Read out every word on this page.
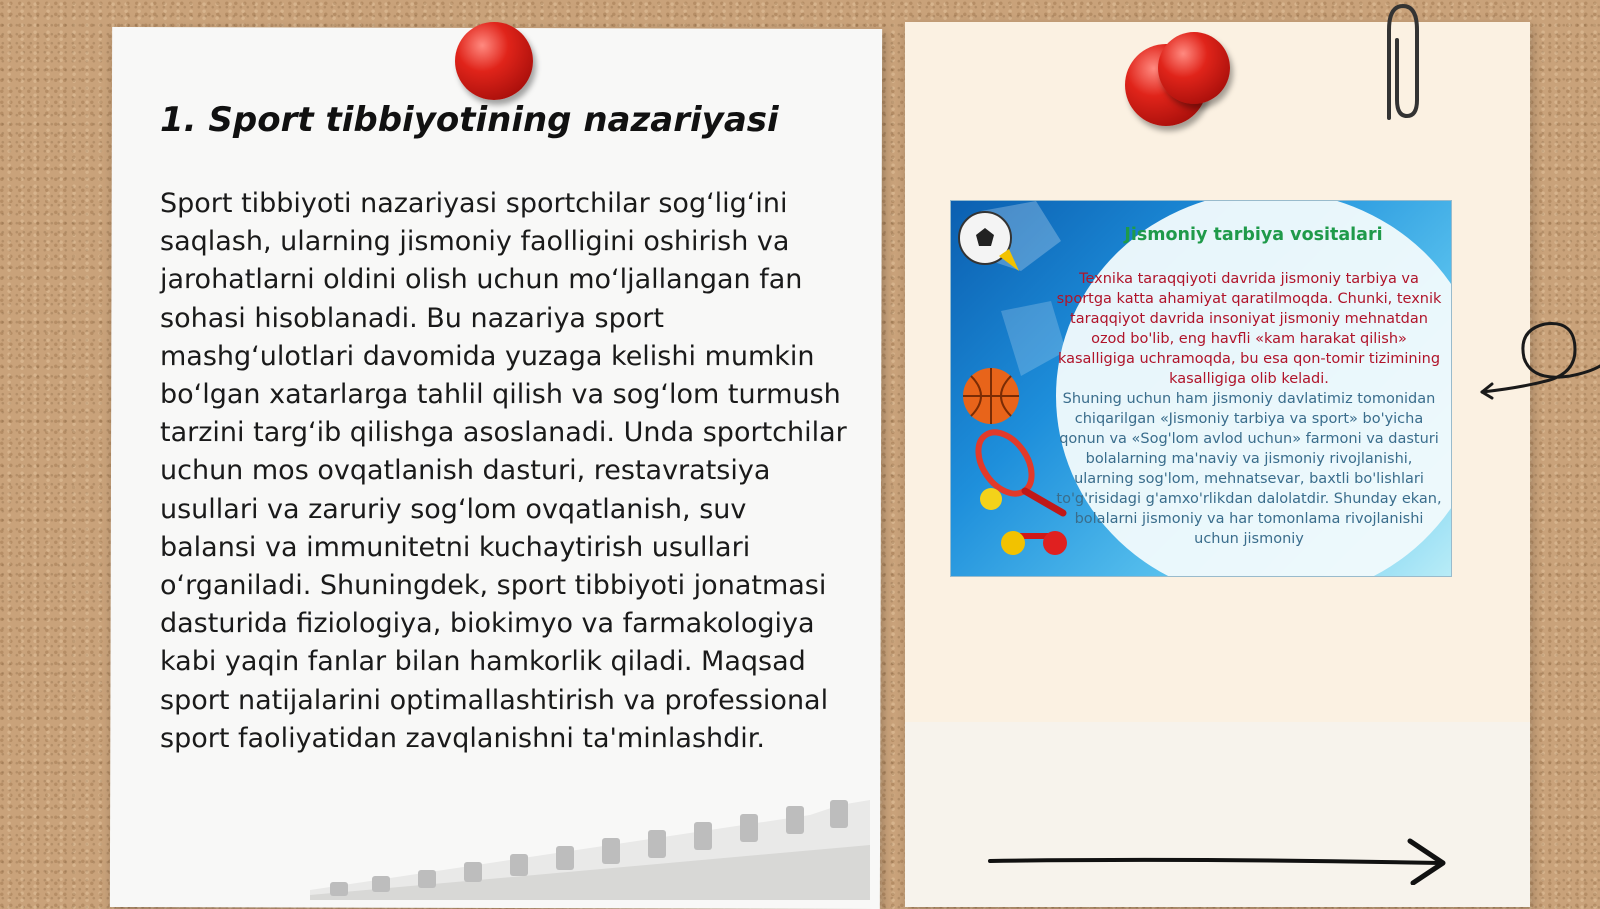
1. Sport tibbiyotining nazariyasi

Sport tibbiyoti nazariyasi sportchilar sog‘lig‘ini saqlash, ularning jismoniy faolligini oshirish va jarohatlarni oldini olish uchun mo‘ljallangan fan sohasi hisoblanadi. Bu nazariya sport mashg‘ulotlari davomida yuzaga kelishi mumkin bo‘lgan xatarlarga tahlil qilish va sog‘lom turmush tarzini targ‘ib qilishga asoslanadi. Unda sportchilar uchun mos ovqatlanish dasturi, restavratsiya usullari va zaruriy sog‘lom ovqatlanish, suv balansi va immunitetni kuchaytirish usullari o‘rganiladi. Shuningdek, sport tibbiyoti jonatmasi dasturida fiziologiya, biokimyo va farmakologiya kabi yaqin fanlar bilan hamkorlik qiladi. Maqsad sport natijalarini optimallashtirish va professional sport faoliyatidan zavqlanishni ta'minlashdir.

Jismoniy tarbiya vositalari
Texnika taraqqiyoti davrida jismoniy tarbiya va sportga katta ahamiyat qaratilmoqda. Chunki, texnik taraqqiyot davrida insoniyat jismoniy mehnatdan ozod bo'lib, eng havfli «kam harakat qilish» kasalligiga uchramoqda, bu esa qon-tomir tizimining kasalligiga olib keladi.
Shuning uchun ham jismoniy davlatimiz tomonidan chiqarilgan «Jismoniy tarbiya va sport» bo'yicha qonun va «Sog'lom avlod uchun» farmoni va dasturi bolalarning ma'naviy va jismoniy rivojlanishi, ularning sog'lom, mehnatsevar, baxtli bo'lishlari to'g'risidagi g'amxo'rlikdan dalolatdir. Shunday ekan, bolalarni jismoniy va har tomonlama rivojlanishi uchun jismoniy
